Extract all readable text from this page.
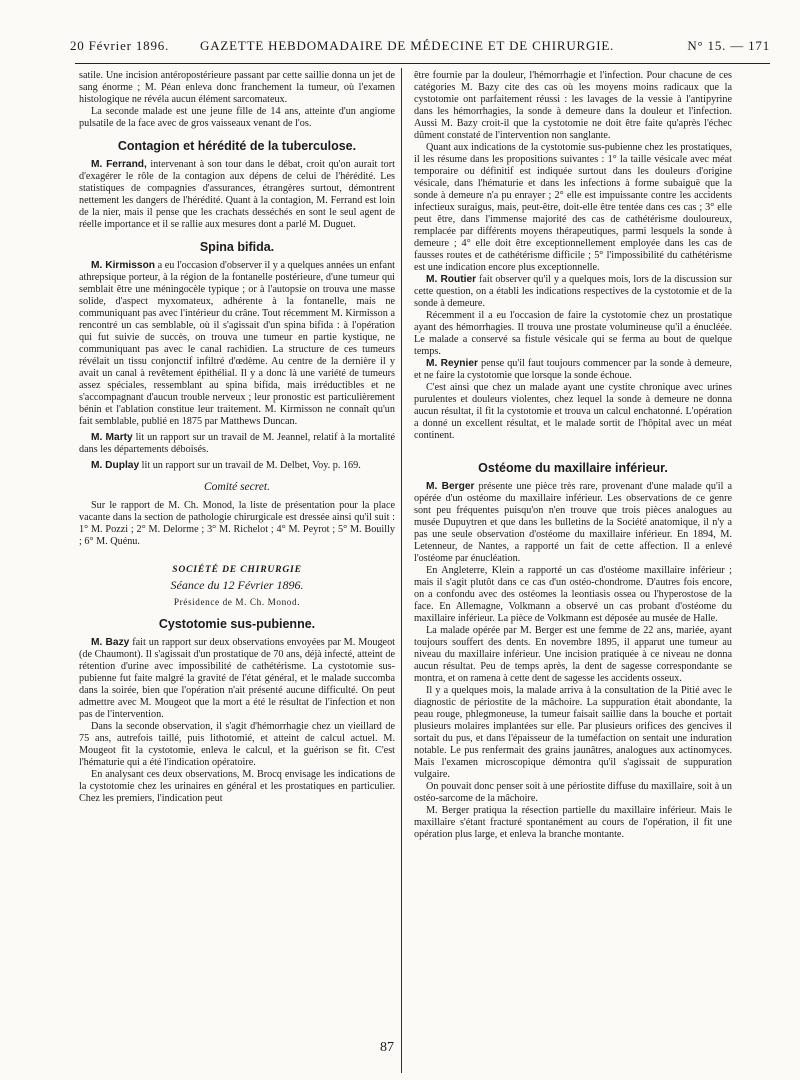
20 Février 1896. GAZETTE HEBDOMADAIRE DE MÉDECINE ET DE CHIRURGIE.	N° 15. — 171

satile. Une incision antéropostérieure passant par cette saillie donna un jet de sang énorme ; M. Péan enleva donc franchement la tumeur, où l'examen histologique ne révéla aucun élément sarcomateux.

La seconde malade est une jeune fille de 14 ans, atteinte d'un angiome pulsatile de la face avec de gros vaisseaux venant de l'os.

Contagion et hérédité de la tuberculose.

M. Ferrand, intervenant à son tour dans le débat, croit qu'on aurait tort d'exagérer le rôle de la contagion aux dépens de celui de l'hérédité. Les statistiques de compagnies d'assurances, étrangères surtout, démontrent nettement les dangers de l'hérédité. Quant à la contagion, M. Ferrand est loin de la nier, mais il pense que les crachats desséchés en sont le seul agent de réelle importance et il se rallie aux mesures dont a parlé M. Duguet.

Spina bifida.

M. Kirmisson a eu l'occasion d'observer il y a quelques années un enfant athrepsique porteur, à la région de la fontanelle postérieure, d'une tumeur qui semblait être une méningocèle typique ; or à l'autopsie on trouva une masse solide, d'aspect myxomateux, adhérente à la fontanelle, mais ne communiquant pas avec l'intérieur du crâne. Tout récemment M. Kirmisson a rencontré un cas semblable, où il s'agissait d'un spina bifida : à l'opération qui fut suivie de succès, on trouva une tumeur en partie kystique, ne communiquant pas avec le canal rachidien. La structure de ces tumeurs révélait un tissu conjonctif infiltré d'œdème. Au centre de la dernière il y avait un canal à revêtement épithélial. Il y a donc là une variété de tumeurs assez spéciales, ressemblant au spina bifida, mais irréductibles et ne s'accompagnant d'aucun trouble nerveux ; leur pronostic est particulièrement bénin et l'ablation constitue leur traitement. M. Kirmisson ne connaît qu'un fait semblable, publié en 1875 par Matthews Duncan.

M. Marty lit un rapport sur un travail de M. Jeannel, relatif à la mortalité dans les départements déboisés.

M. Duplay lit un rapport sur un travail de M. Delbet, Voy. p. 169.

Comité secret.

Sur le rapport de M. Ch. Monod, la liste de présentation pour la place vacante dans la section de pathologie chirurgicale est dressée ainsi qu'il suit : 1° M. Pozzi ; 2° M. Delorme ; 3° M. Richelot ; 4° M. Peyrot ; 5° M. Bouilly ; 6° M. Quénu.

SOCIÉTÉ DE CHIRURGIE
Séance du 12 Février 1896.
Présidence de M. Ch. Monod.
Cystotomie sus-pubienne.

M. Bazy fait un rapport sur deux observations envoyées par M. Mougeot (de Chaumont). Il s'agissait d'un prostatique de 70 ans, déjà infecté, atteint de rétention d'urine avec impossibilité de cathétérisme. La cystotomie sus-pubienne fut faite malgré la gravité de l'état général, et le malade succomba dans la soirée, bien que l'opération n'ait présenté aucune difficulté. On peut admettre avec M. Mougeot que la mort a été le résultat de l'infection et non pas de l'intervention.

Dans la seconde observation, il s'agit d'hémorrhagie chez un vieillard de 75 ans, autrefois taillé, puis lithotomié, et atteint de calcul actuel. M. Mougeot fit la cystotomie, enleva le calcul, et la guérison se fit. C'est l'hématurie qui a été l'indication opératoire.

En analysant ces deux observations, M. Brocq envisage les indications de la cystotomie chez les urinaires en général et les prostatiques en particulier. Chez les premiers, l'indication peut

être fournie par la douleur, l'hémorrhagie et l'infection. Pour chacune de ces catégories M. Bazy cite des cas où les moyens moins radicaux que la cystotomie ont parfaitement réussi : les lavages de la vessie à l'antipyrine dans les hémorrhagies, la sonde à demeure dans la douleur et l'infection. Aussi M. Bazy croit-il que la cystotomie ne doit être faite qu'après l'échec dûment constaté de l'intervention non sanglante.

Quant aux indications de la cystotomie sus-pubienne chez les prostatiques, il les résume dans les propositions suivantes : 1° la taille vésicale avec méat temporaire ou définitif est indiquée surtout dans les douleurs d'origine vésicale, dans l'hématurie et dans les infections à forme subaiguë que la sonde à demeure n'a pu enrayer ; 2° elle est impuissante contre les accidents infectieux suraigus, mais, peut-être, doit-elle être tentée dans ces cas ; 3° elle peut être, dans l'immense majorité des cas de cathétérisme douloureux, remplacée par différents moyens thérapeutiques, parmi lesquels la sonde à demeure ; 4° elle doit être exceptionnellement employée dans les cas de fausses routes et de cathétérisme difficile ; 5° l'impossibilité du cathétérisme est une indication encore plus exceptionnelle.

M. Routier fait observer qu'il y a quelques mois, lors de la discussion sur cette question, on a établi les indications respectives de la cystotomie et de la sonde à demeure.

Récemment il a eu l'occasion de faire la cystotomie chez un prostatique ayant des hémorrhagies. Il trouva une prostate volumineuse qu'il a énucléée. Le malade a conservé sa fistule vésicale qui se ferma au bout de quelque temps.

M. Reynier pense qu'il faut toujours commencer par la sonde à demeure, et ne faire la cystotomie que lorsque la sonde échoue.

C'est ainsi que chez un malade ayant une cystite chronique avec urines purulentes et douleurs violentes, chez lequel la sonde à demeure ne donna aucun résultat, il fit la cystotomie et trouva un calcul enchatonné. L'opération a donné un excellent résultat, et le malade sortit de l'hôpital avec un méat continent.

Ostéome du maxillaire inférieur.

M. Berger présente une pièce très rare, provenant d'une malade qu'il a opérée d'un ostéome du maxillaire inférieur. Les observations de ce genre sont peu fréquentes puisqu'on n'en trouve que trois pièces analogues au musée Dupuytren et que dans les bulletins de la Société anatomique, il n'y a pas une seule observation d'ostéome du maxillaire inférieur. En 1894, M. Letenneur, de Nantes, a rapporté un fait de cette affection. Il a enlevé l'ostéome par énucléation.

En Angleterre, Klein a rapporté un cas d'ostéome maxillaire inférieur ; mais il s'agit plutôt dans ce cas d'un ostéo-chondrome. D'autres fois encore, on a confondu avec des ostéomes la leontiasis ossea ou l'hyperostose de la face. En Allemagne, Volkmann a observé un cas probant d'ostéome du maxillaire inférieur. La pièce de Volkmann est déposée au musée de Halle.

La malade opérée par M. Berger est une femme de 22 ans, mariée, ayant toujours souffert des dents. En novembre 1895, il apparut une tumeur au niveau du maxillaire inférieur. Une incision pratiquée à ce niveau ne donna aucun résultat. Peu de temps après, la dent de sagesse correspondante se montra, et on ramena à cette dent de sagesse les accidents osseux.

Il y a quelques mois, la malade arriva à la consultation de la Pitié avec le diagnostic de périostite de la mâchoire. La suppuration était abondante, la peau rouge, phlegmoneuse, la tumeur faisait saillie dans la bouche et portait plusieurs molaires implantées sur elle. Par plusieurs orifices des gencives il sortait du pus, et dans l'épaisseur de la tuméfaction on sentait une induration notable. Le pus renfermait des grains jaunâtres, analogues aux actinomyces. Mais l'examen microscopique démontra qu'il s'agissait de suppuration vulgaire.

On pouvait donc penser soit à une périostite diffuse du maxillaire, soit à un ostéo-sarcome de la mâchoire.

M. Berger pratiqua la résection partielle du maxillaire inférieur. Mais le maxillaire s'étant fracturé spontanément au cours de l'opération, il fit une opération plus large, et enleva la branche montante.

87
